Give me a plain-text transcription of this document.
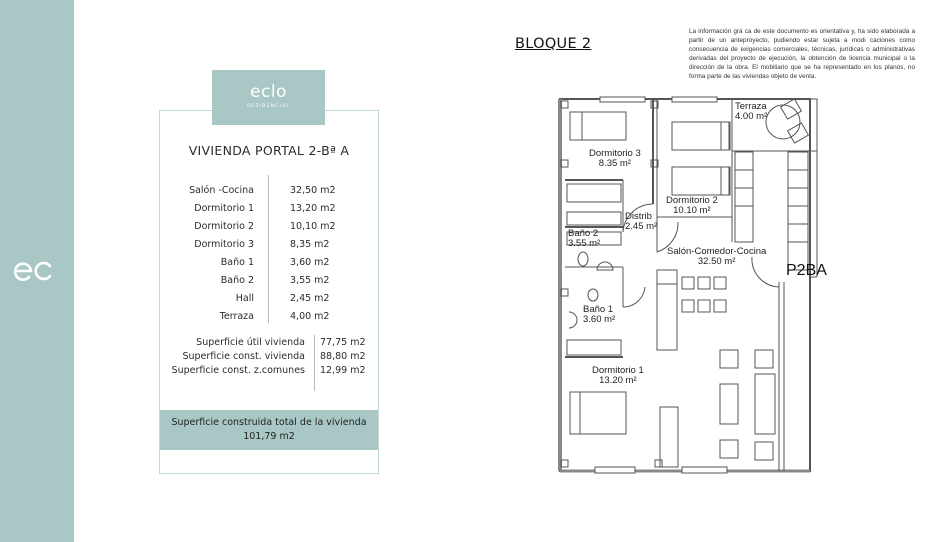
eclo
RESIDENCIAL
VIVIENDA PORTAL 2-Bª A
Salón -Cocina	32,50 m2
Dormitorio 1	13,20 m2
Dormitorio 2	10,10 m2
Dormitorio 3	8,35 m2
Baño 1	3,60 m2
Baño 2	3,55 m2
Hall	2,45 m2
Terraza	4,00 m2
Superficie útil vivienda 77,75 m2
Superficie const. vivienda 88,80 m2
Superficie const. z.comunes 12,99 m2
Superficie construida total de la vivienda
101,79 m2
BLOQUE 2
La información grá ca de este documento es orientativa y, ha sido elaborada a partir de un anteproyecto, pudiendo estar sujeta a modi caciones como consecuencia de exigencias comerciales, técnicas, jurídicas o administrativas derivadas del proyecto de ejecución, la obtención de licencia municipal o la dirección de la obra. El mobiliario que se ha representado en los planos, no forma parte de las viviendas objeto de venta.
Terraza
4.00 m²
Dormitorio 3
8.35 m²
Dormitorio 2
10.10 m²
Distrib
2.45 m²
Baño 2
3.55 m²
Salón-Comedor-Cocina
32.50 m²
Baño 1
3.60 m²
Dormitorio 1
13.20 m²
P2BA
